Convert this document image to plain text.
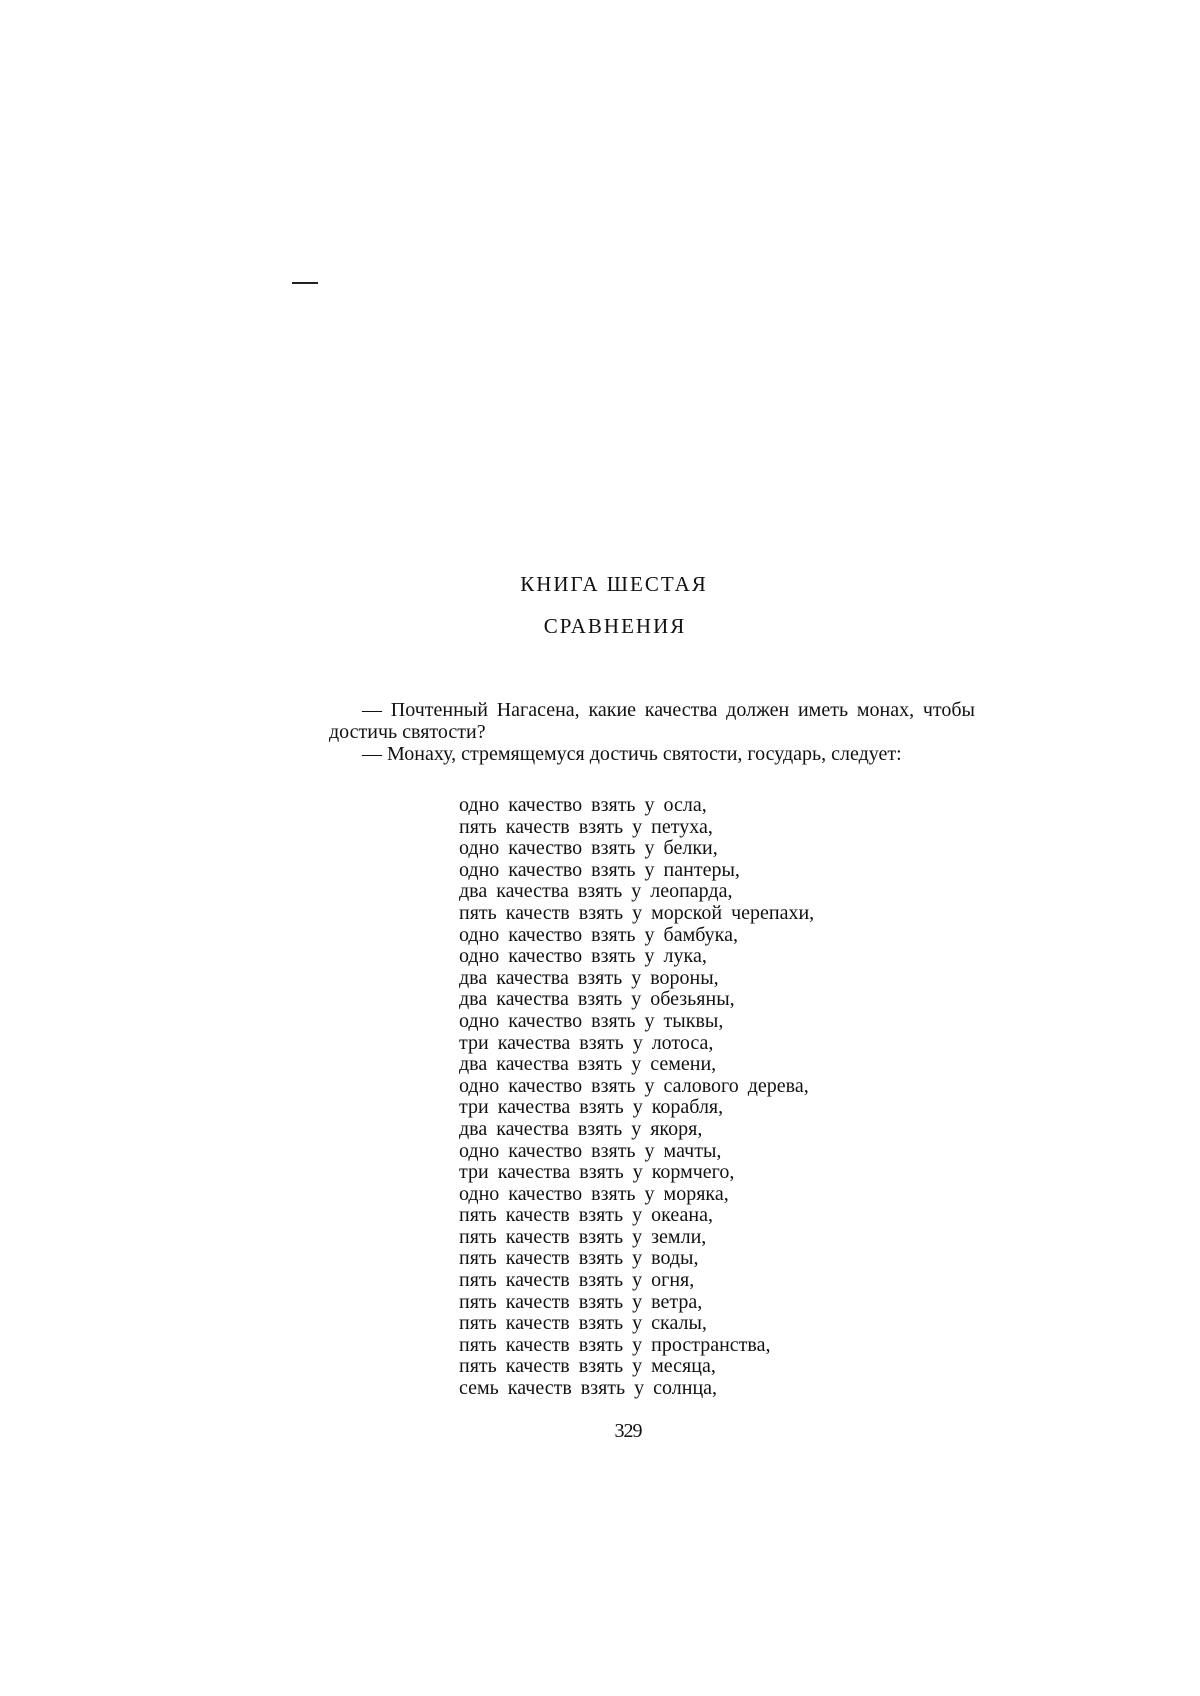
КНИГА ШЕСТАЯ
СРАВНЕНИЯ

— Почтенный Нагасена, какие качества должен иметь монах, чтобы достичь святости?

— Монаху, стремящемуся достичь святости, государь, следует:

одно качество взять у осла,
пять качеств взять у петуха,
одно качество взять у белки,
одно качество взять у пантеры,
два качества взять у леопарда,
пять качеств взять у морской черепахи,
одно качество взять у бамбука,
одно качество взять у лука,
два качества взять у вороны,
два качества взять у обезьяны,
одно качество взять у тыквы,
три качества взять у лотоса,
два качества взять у семени,
одно качество взять у салового дерева,
три качества взять у корабля,
два качества взять у якоря,
одно качество взять у мачты,
три качества взять у кормчего,
одно качество взять у моряка,
пять качеств взять у океана,
пять качеств взять у земли,
пять качеств взять у воды,
пять качеств взять у огня,
пять качеств взять у ветра,
пять качеств взять у скалы,
пять качеств взять у пространства,
пять качеств взять у месяца,
семь качеств взять у солнца,
329
